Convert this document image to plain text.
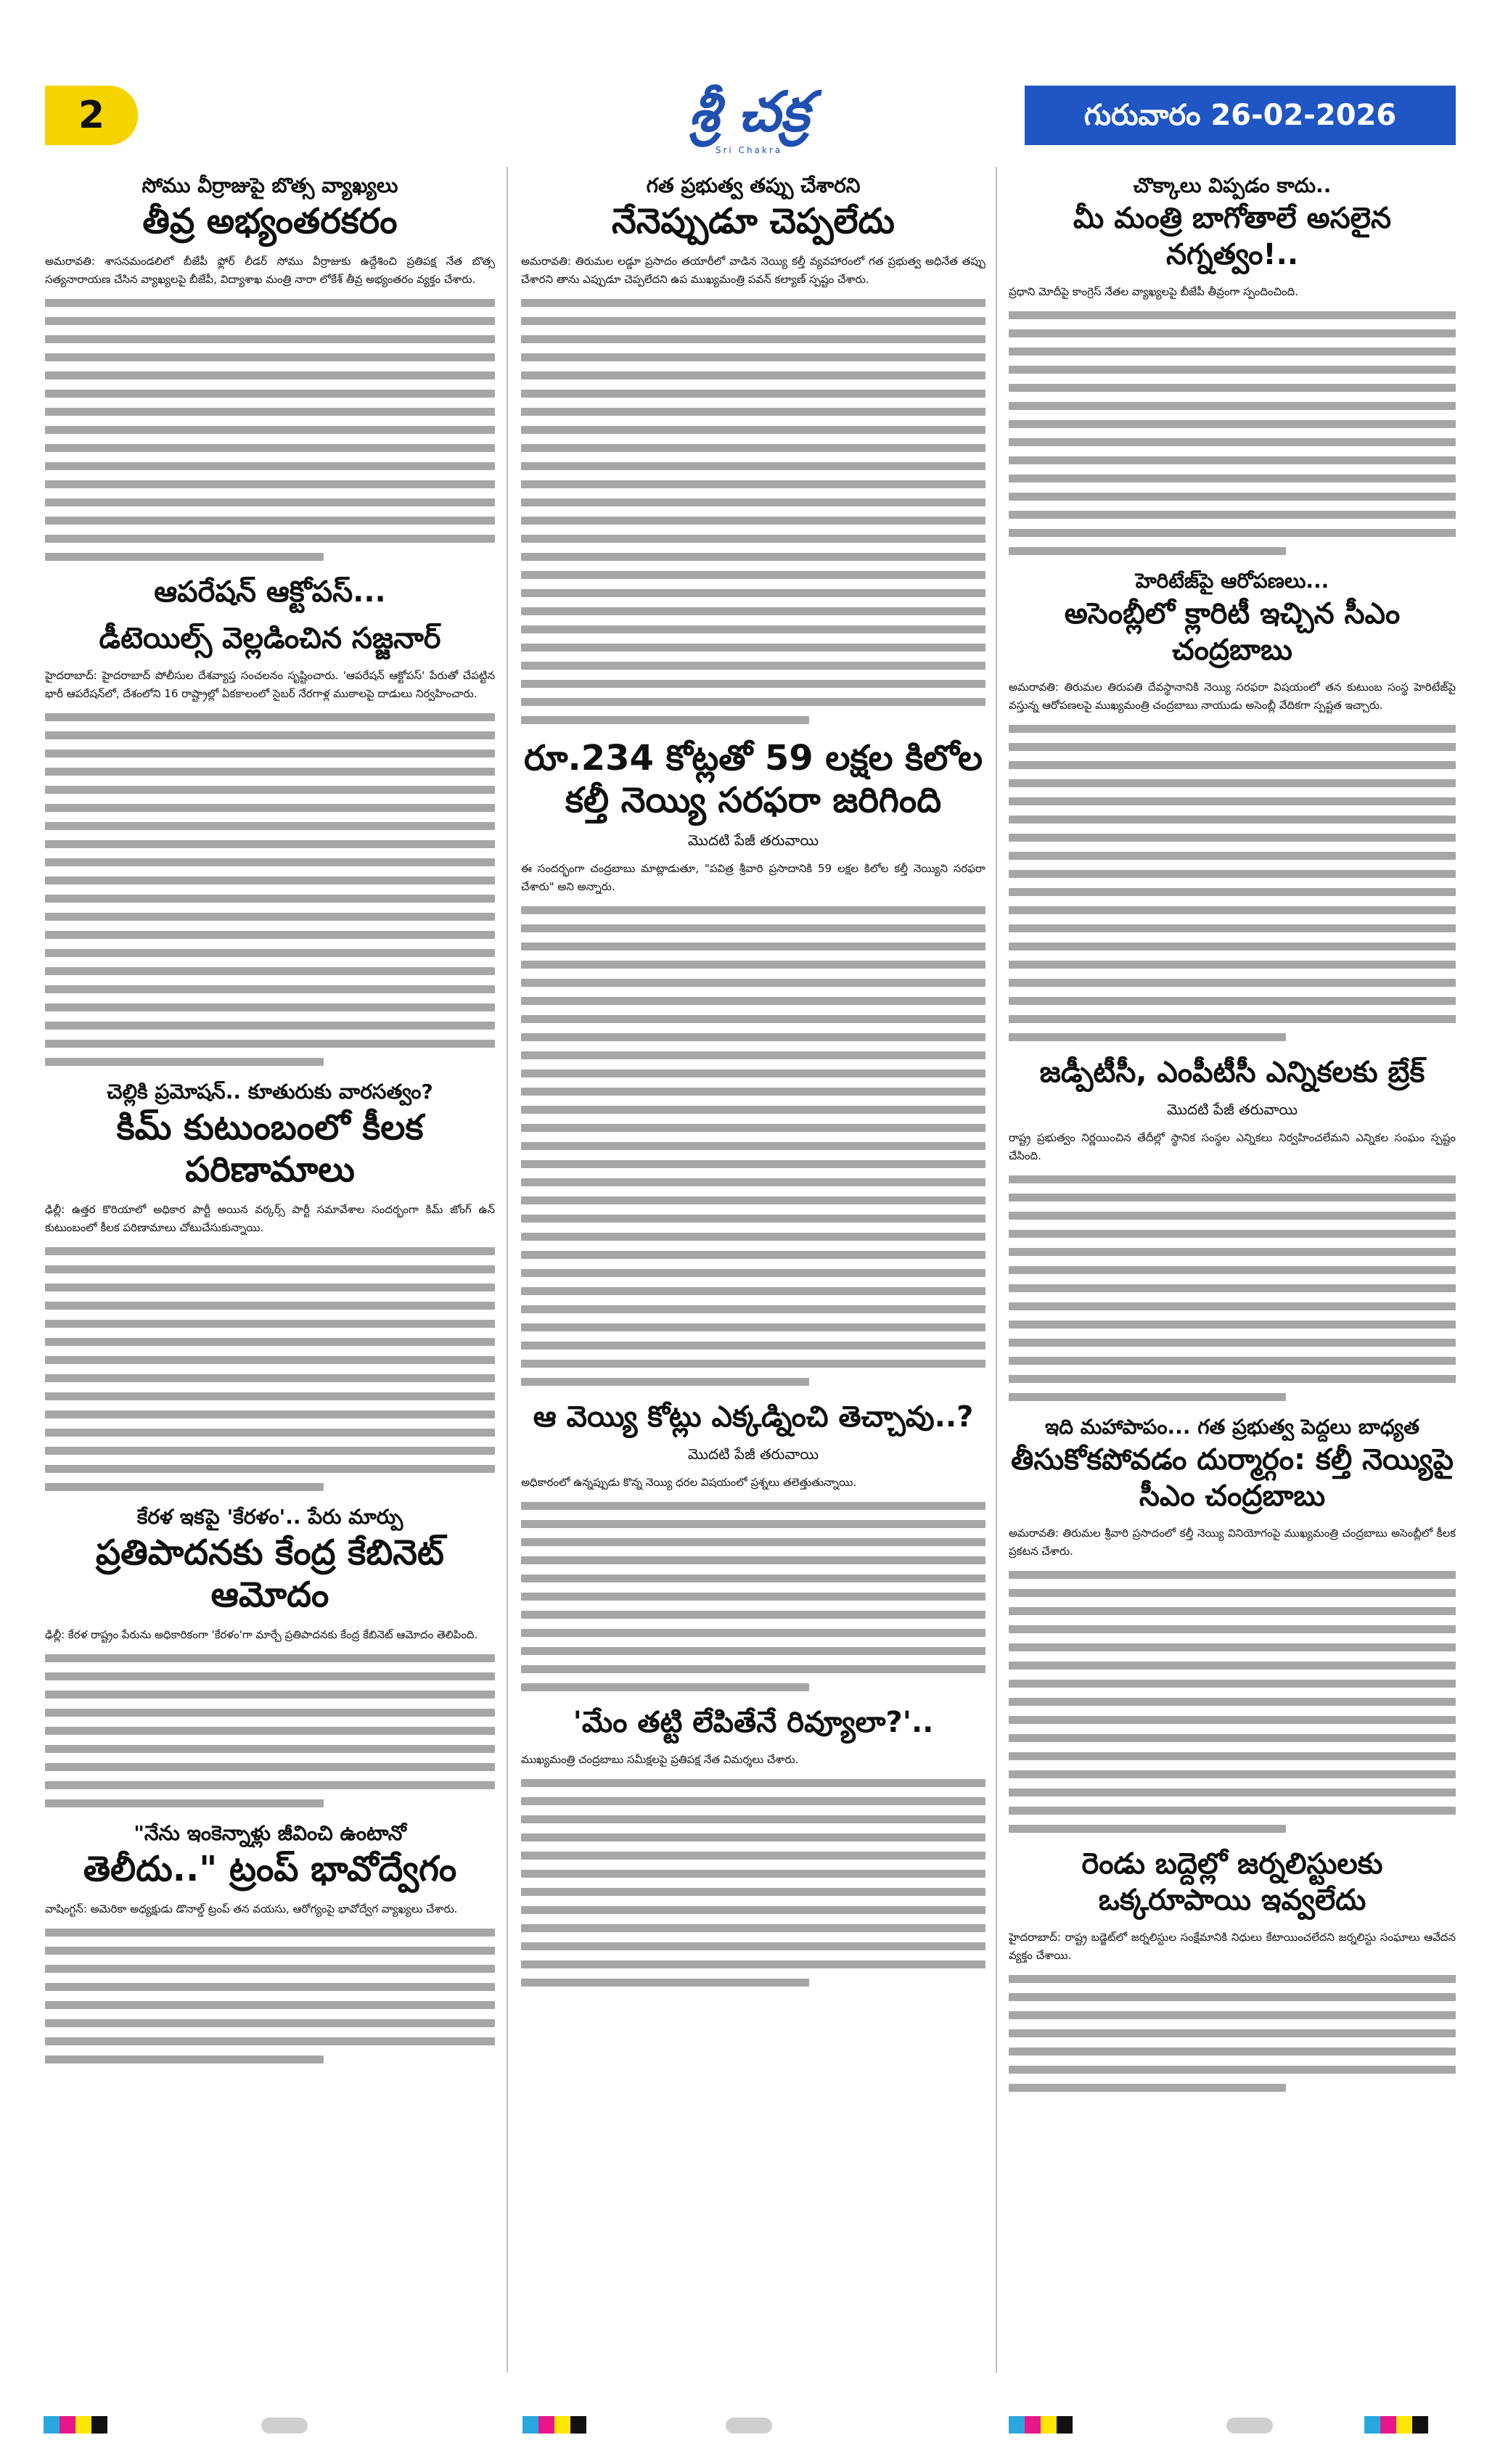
2	శ్రీ చక్ర
Sri Chakra
గురువారం 26-02-2026
సోము వీర్రాజుపై బొత్స వ్యాఖ్యలు
తీవ్ర అభ్యంతరకరం
అమరావతి: శాసనమండలిలో బీజేపీ ఫ్లోర్ లీడర్ సోము వీర్రాజుకు ఉద్దేశించి ప్రతిపక్ష నేత బొత్స సత్యనారాయణ చేసిన వ్యాఖ్యలపై బీజేపీ, విద్యాశాఖ మంత్రి నారా లోకేశ్ తీవ్ర అభ్యంతరం వ్యక్తం చేశారు.
ఆపరేషన్ ఆక్టోపస్...
డీటెయిల్స్ వెల్లడించిన సజ్జనార్
హైదరాబాద్: హైదరాబాద్ పోలీసుల దేశవ్యాప్త సంచలనం సృష్టించారు. 'ఆపరేషన్ ఆక్టోపస్' పేరుతో చేపట్టిన భారీ ఆపరేషన్‌లో, దేశంలోని 16 రాష్ట్రాల్లో ఏకకాలంలో సైబర్ నేరగాళ్ల ముఠాలపై దాడులు నిర్వహించారు.
చెల్లికి ప్రమోషన్.. కూతురుకు వారసత్వం?
కిమ్ కుటుంబంలో కీలక పరిణామాలు
ఢిల్లీ: ఉత్తర కొరియాలో అధికార పార్టీ అయిన వర్కర్స్ పార్టీ సమావేశాల సందర్భంగా కిమ్ జోంగ్ ఉన్ కుటుంబంలో కీలక పరిణామాలు చోటుచేసుకున్నాయి.
కేరళ ఇకపై 'కేరళం'.. పేరు మార్పు
ప్రతిపాదనకు కేంద్ర కేబినెట్ ఆమోదం
ఢిల్లీ: కేరళ రాష్ట్రం పేరును అధికారికంగా 'కేరళం'గా మార్చే ప్రతిపాదనకు కేంద్ర కేబినెట్ ఆమోదం తెలిపింది.
"నేను ఇంకెన్నాళ్లు జీవించి ఉంటానో
తెలీదు.." ట్రంప్ భావోద్వేగం
వాషింగ్టన్: అమెరికా అధ్యక్షుడు డొనాల్డ్ ట్రంప్ తన వయసు, ఆరోగ్యంపై భావోద్వేగ వ్యాఖ్యలు చేశారు.
గత ప్రభుత్వ తప్పు చేశారని
నేనెప్పుడూ చెప్పలేదు
అమరావతి: తిరుమల లడ్డూ ప్రసాదం తయారీలో వాడిన నెయ్యి కల్తీ వ్యవహారంలో గత ప్రభుత్వ అధినేత తప్పు చేశారని తాను ఎప్పుడూ చెప్పలేదని ఉప ముఖ్యమంత్రి పవన్ కల్యాణ్ స్పష్టం చేశారు.
రూ.234 కోట్లతో 59 లక్షల కిలోల కల్తీ నెయ్యి సరఫరా జరిగింది
మొదటి పేజీ తరువాయి
ఈ సందర్భంగా చంద్రబాబు మాట్లాడుతూ, "పవిత్ర శ్రీవారి ప్రసాదానికి 59 లక్షల కిలోల కల్తీ నెయ్యిని సరఫరా చేశారు" అని అన్నారు.
ఆ వెయ్యి కోట్లు ఎక్కడ్నించి తెచ్చావు..?
మొదటి పేజీ తరువాయి
అధికారంలో ఉన్నప్పుడు కొన్న నెయ్యి ధరల విషయంలో ప్రశ్నలు తలెత్తుతున్నాయి.
'మేం తట్టి లేపితేనే రివ్యూలా?'..
ముఖ్యమంత్రి చంద్రబాబు సమీక్షలపై ప్రతిపక్ష నేత విమర్శలు చేశారు.
చొక్కాలు విప్పడం కాదు..
మీ మంత్రి బాగోతాలే అసలైన నగ్నత్వం!..
ప్రధాని మోదీపై కాంగ్రెస్ నేతల వ్యాఖ్యలపై బీజేపీ తీవ్రంగా స్పందించింది.
హెరిటేజ్‌పై ఆరోపణలు...
అసెంబ్లీలో క్లారిటీ ఇచ్చిన సీఎం చంద్రబాబు
అమరావతి: తిరుమల తిరుపతి దేవస్థానానికి నెయ్యి సరఫరా విషయంలో తన కుటుంబ సంస్థ హెరిటేజ్‌పై వస్తున్న ఆరోపణలపై ముఖ్యమంత్రి చంద్రబాబు నాయుడు అసెంబ్లీ వేదికగా స్పష్టత ఇచ్చారు.
జడ్పీటీసీ, ఎంపీటీసీ ఎన్నికలకు బ్రేక్
మొదటి పేజీ తరువాయి
రాష్ట్ర ప్రభుత్వం నిర్ణయించిన తేదీల్లో స్థానిక సంస్థల ఎన్నికలు నిర్వహించలేమని ఎన్నికల సంఘం స్పష్టం చేసింది.
ఇది మహాపాపం... గత ప్రభుత్వ పెద్దలు బాధ్యత
తీసుకోకపోవడం దుర్మార్గం: కల్తీ నెయ్యిపై సీఎం చంద్రబాబు
అమరావతి: తిరుమల శ్రీవారి ప్రసాదంలో కల్తీ నెయ్యి వినియోగంపై ముఖ్యమంత్రి చంద్రబాబు అసెంబ్లీలో కీలక ప్రకటన చేశారు.
రెండు బద్దెల్లో జర్నలిస్టులకు ఒక్కరూపాయి ఇవ్వలేదు
హైదరాబాద్: రాష్ట్ర బడ్జెట్‌లో జర్నలిస్టుల సంక్షేమానికి నిధులు కేటాయించలేదని జర్నలిస్టు సంఘాలు ఆవేదన వ్యక్తం చేశాయి.
